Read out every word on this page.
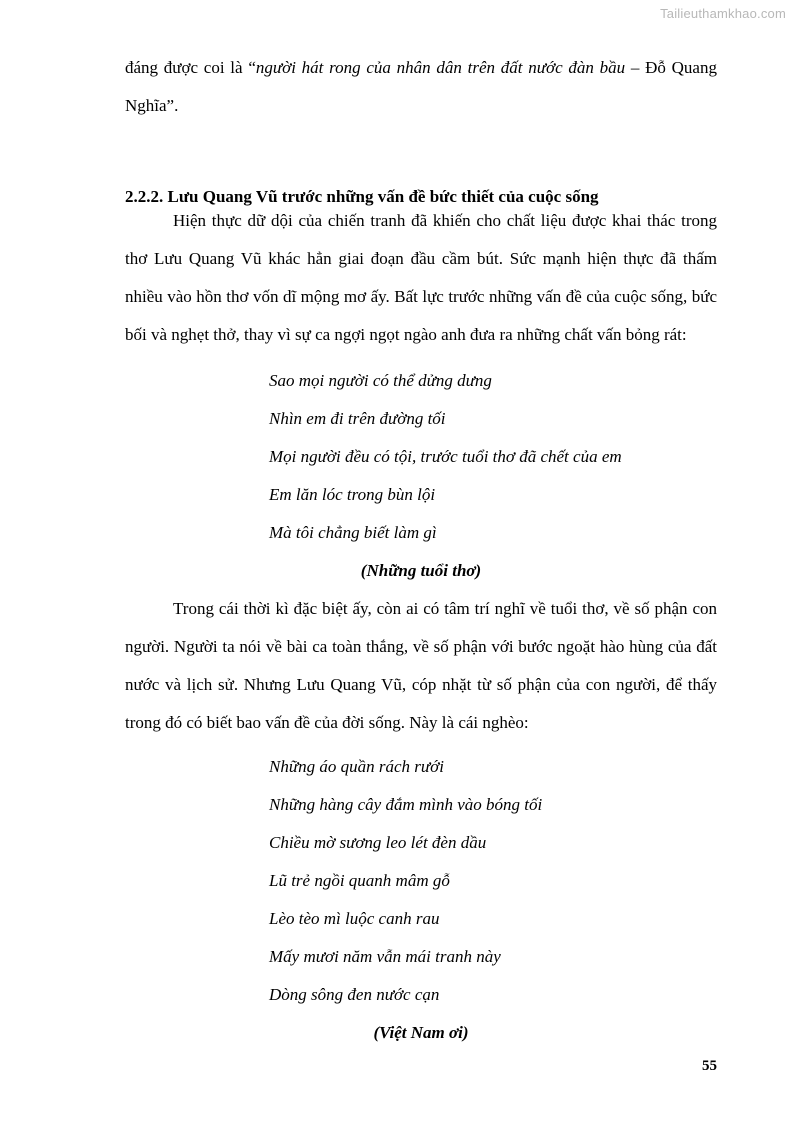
Tailieuthamkhao.com

đáng được coi là “người hát rong của nhân dân trên đất nước đàn bầu – Đỗ Quang Nghĩa”.

2.2.2. Lưu Quang Vũ trước những vấn đề bức thiết của cuộc sống

Hiện thực dữ dội của chiến tranh đã khiến cho chất liệu được khai thác trong thơ Lưu Quang Vũ khác hẳn giai đoạn đầu cầm bút. Sức mạnh hiện thực đã thấm nhiều vào hồn thơ vốn dĩ mộng mơ ấy. Bất lực trước những vấn đề của cuộc sống, bức bối và nghẹt thở, thay vì sự ca ngợi ngọt ngào anh đưa ra những chất vấn bỏng rát:

Sao mọi người có thể dửng dưng

Nhìn em đi trên đường tối

Mọi người đều có tội, trước tuổi thơ đã chết của em

Em lăn lóc trong bùn lội

Mà tôi chẳng biết làm gì

(Những tuổi thơ)

Trong cái thời kì đặc biệt ấy, còn ai có tâm trí nghĩ về tuổi thơ, về số phận con người. Người ta nói về bài ca toàn thắng, về số phận với bước ngoặt hào hùng của đất nước và lịch sử. Nhưng Lưu Quang Vũ, cóp nhặt từ số phận của con người, để thấy trong đó có biết bao vấn đề của đời sống. Này là cái nghèo:

Những áo quần rách rưới

Những hàng cây đắm mình vào bóng tối

Chiều mờ sương leo lét đèn dầu

Lũ trẻ ngồi quanh mâm gỗ

Lèo tèo mì luộc canh rau

Mấy mươi năm vẫn mái tranh này

Dòng sông đen nước cạn

(Việt Nam ơi)

55
